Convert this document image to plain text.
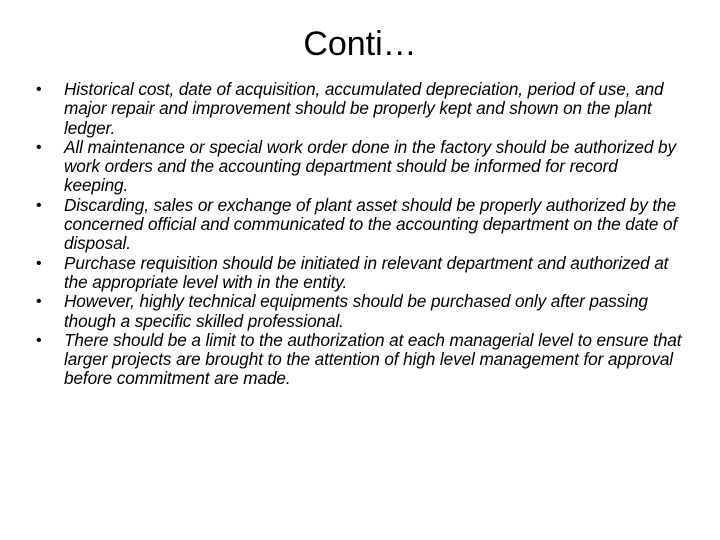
Conti…
• Historical cost, date of acquisition, accumulated depreciation, period of use, and major repair and improvement should be properly kept and shown on the plant ledger.
• All maintenance or special work order done in the factory should be authorized by work orders and the accounting department should be informed for record keeping.
• Discarding, sales or exchange of plant asset should be properly authorized by the concerned official and communicated to the accounting department on the date of disposal.
• Purchase requisition should be initiated in relevant department and authorized at the appropriate level with in the entity.
• However, highly technical equipments should be purchased only after passing though a specific skilled professional.
• There should be a limit to the authorization at each managerial level to ensure that larger projects are brought to the attention of high level management for approval before commitment are made.
